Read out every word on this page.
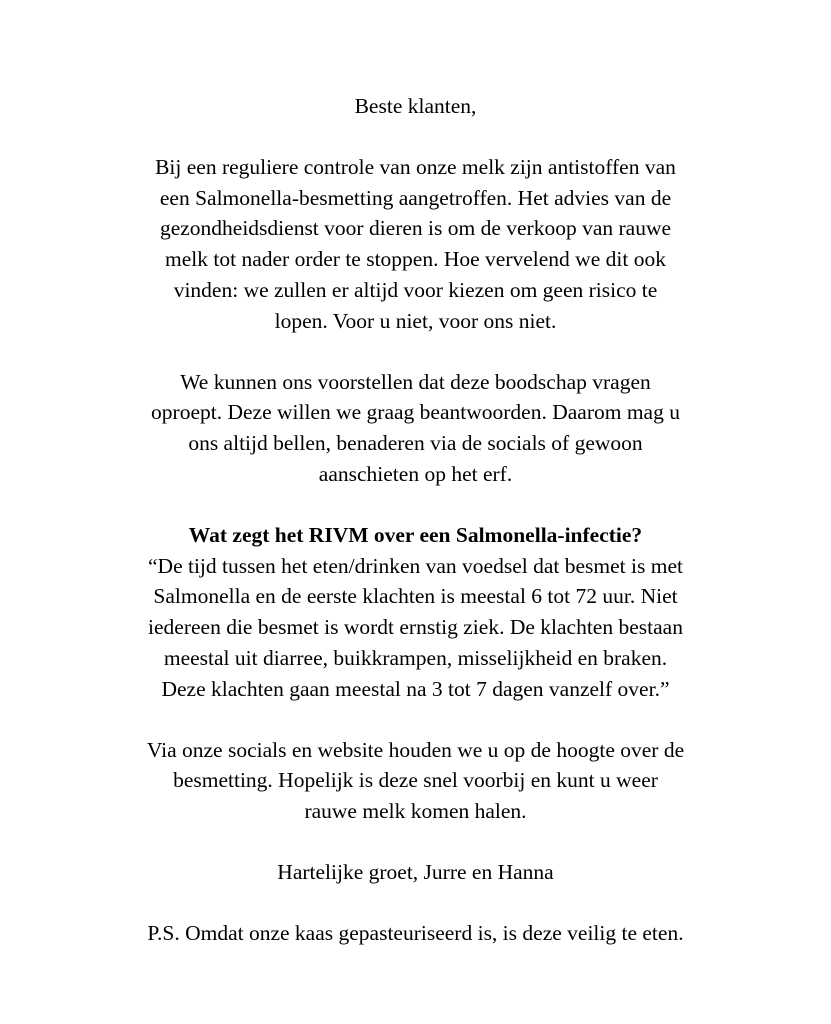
Beste klanten,

Bij een reguliere controle van onze melk zijn antistoffen van
een Salmonella-besmetting aangetroffen. Het advies van de
gezondheidsdienst voor dieren is om de verkoop van rauwe
melk tot nader order te stoppen. Hoe vervelend we dit ook
vinden: we zullen er altijd voor kiezen om geen risico te
lopen. Voor u niet, voor ons niet.

We kunnen ons voorstellen dat deze boodschap vragen
oproept. Deze willen we graag beantwoorden. Daarom mag u
ons altijd bellen, benaderen via de socials of gewoon
aanschieten op het erf.

Wat zegt het RIVM over een Salmonella-infectie?

“De tijd tussen het eten/drinken van voedsel dat besmet is met
Salmonella en de eerste klachten is meestal 6 tot 72 uur. Niet
iedereen die besmet is wordt ernstig ziek. De klachten bestaan
meestal uit diarree, buikkrampen, misselijkheid en braken.
Deze klachten gaan meestal na 3 tot 7 dagen vanzelf over.”

Via onze socials en website houden we u op de hoogte over de
besmetting. Hopelijk is deze snel voorbij en kunt u weer
rauwe melk komen halen.

Hartelijke groet, Jurre en Hanna

P.S. Omdat onze kaas gepasteuriseerd is, is deze veilig te eten.
